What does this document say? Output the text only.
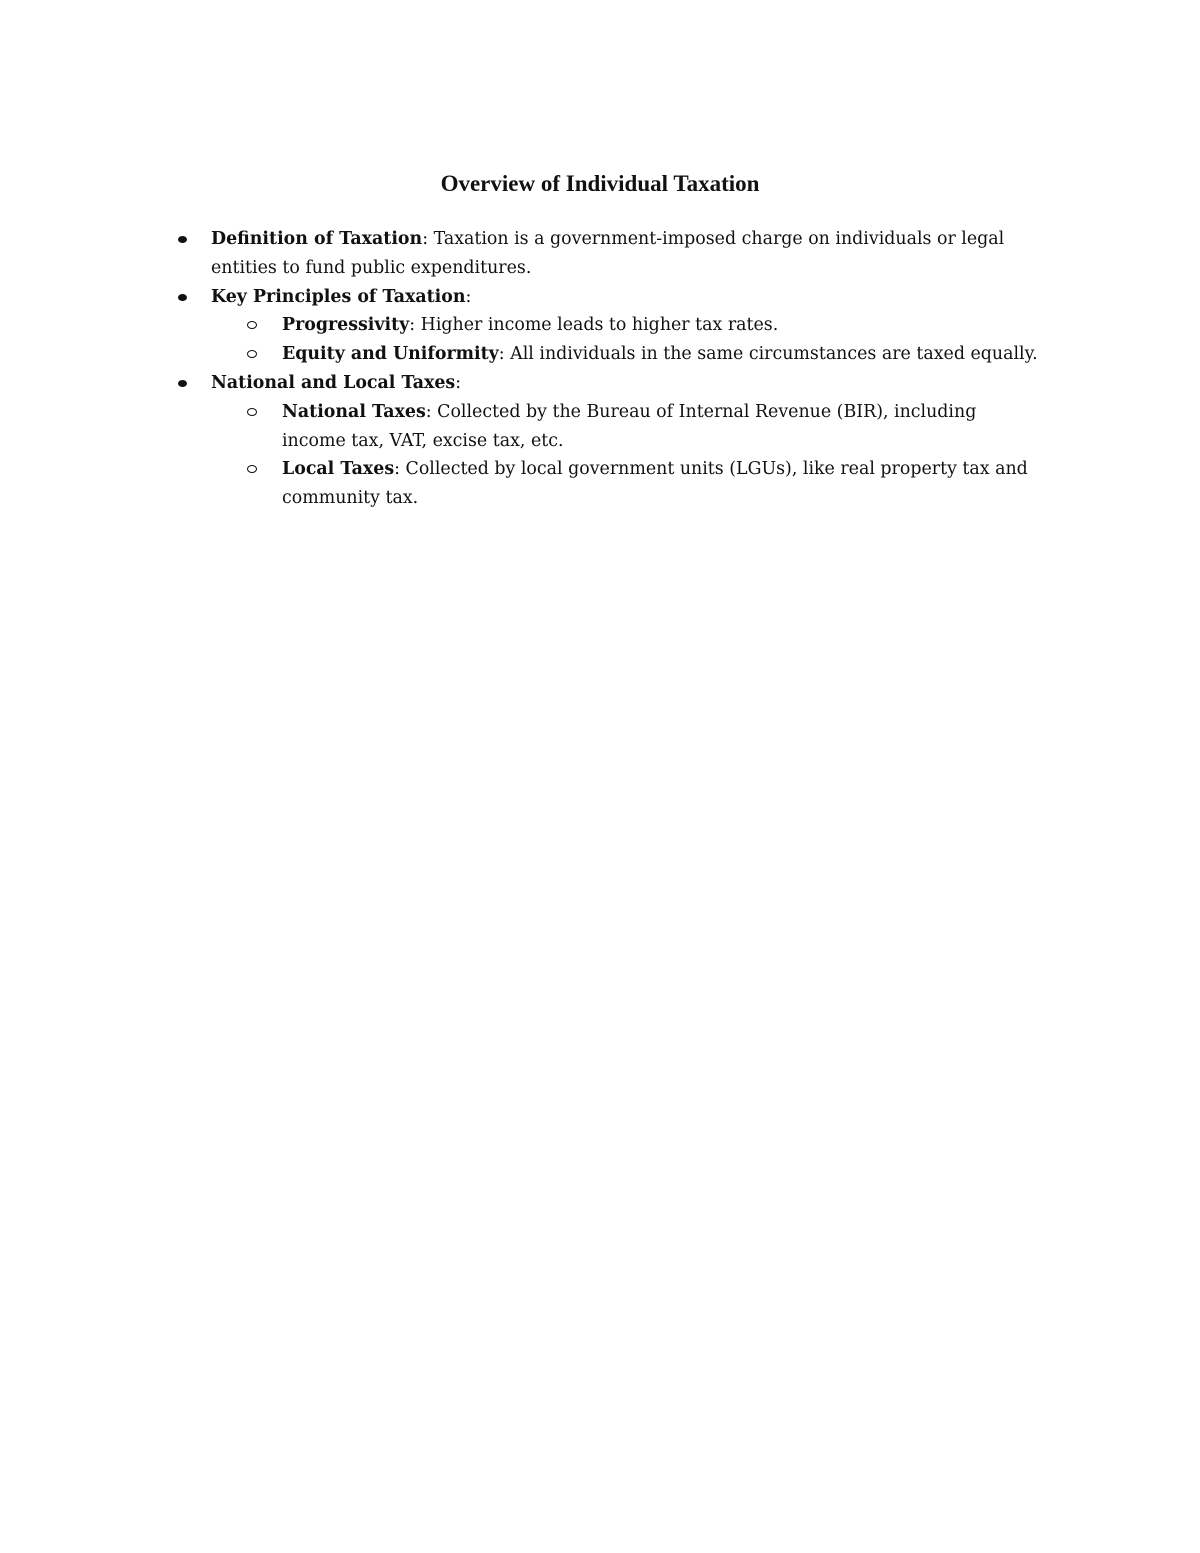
Overview of Individual Taxation
Definition of Taxation: Taxation is a government-imposed charge on individuals or legal entities to fund public expenditures.
Key Principles of Taxation:
Progressivity: Higher income leads to higher tax rates.
Equity and Uniformity: All individuals in the same circumstances are taxed equally.
National and Local Taxes:
National Taxes: Collected by the Bureau of Internal Revenue (BIR), including income tax, VAT, excise tax, etc.
Local Taxes: Collected by local government units (LGUs), like real property tax and community tax.
